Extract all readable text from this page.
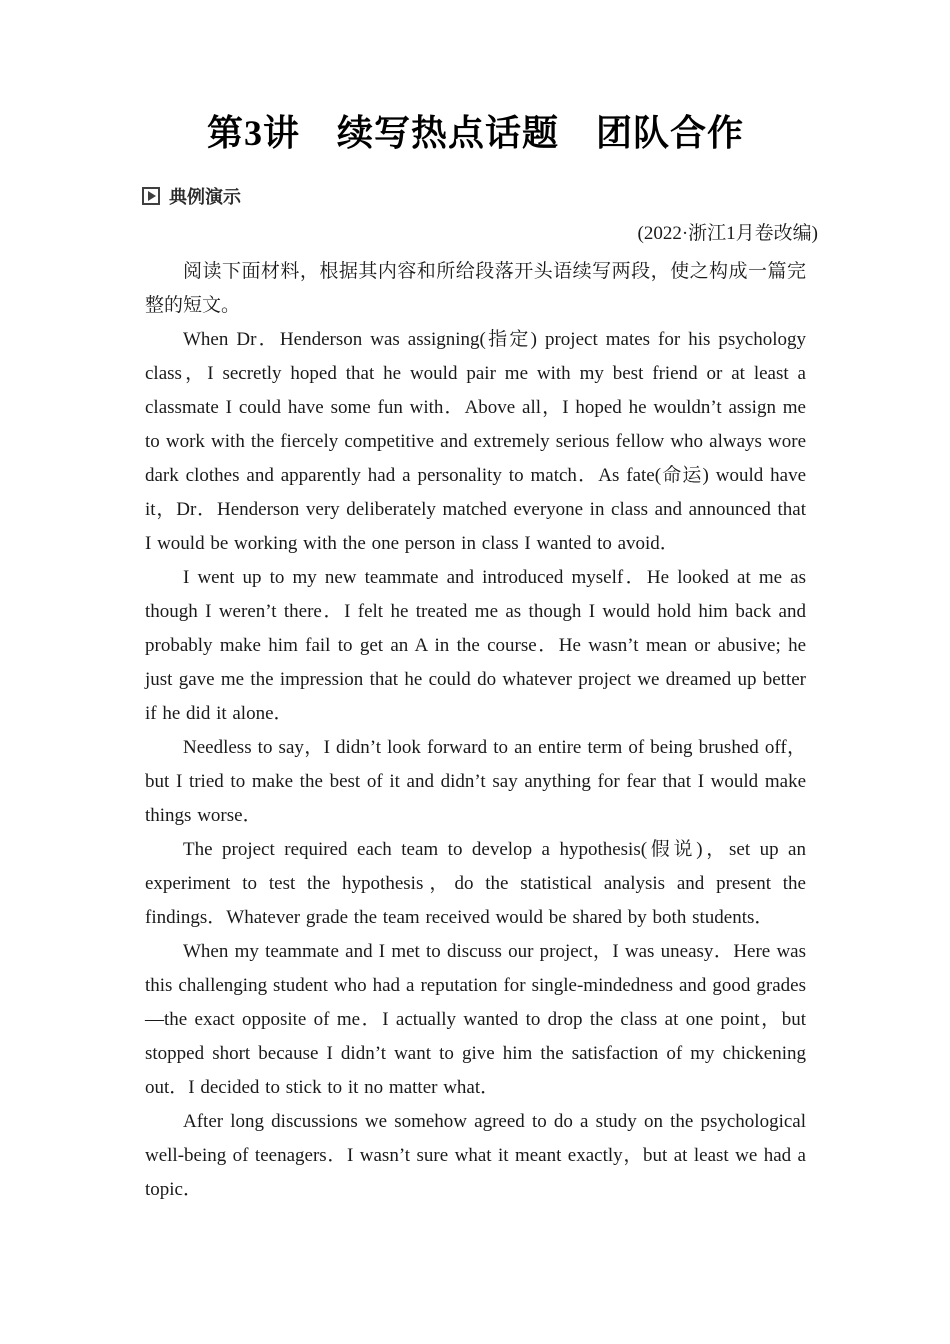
第3讲　续写热点话题　团队合作
典例演示
(2022·浙江1月卷改编)

阅读下面材料，根据其内容和所给段落开头语续写两段，使之构成一篇完整的短文。

When Dr．Henderson was assigning(指定) project mates for his psychology class，I secretly hoped that he would pair me with my best friend or at least a classmate I could have some fun with．Above all，I hoped he wouldn’t assign me to work with the fiercely competitive and extremely serious fellow who always wore dark clothes and apparently had a personality to match．As fate(命运) would have it，Dr．Henderson very deliberately matched everyone in class and announced that I would be working with the one person in class I wanted to avoid．

I went up to my new teammate and introduced myself．He looked at me as though I weren’t there．I felt he treated me as though I would hold him back and probably make him fail to get an A in the course．He wasn’t mean or abusive; he just gave me the impression that he could do whatever project we dreamed up better if he did it alone．

Needless to say，I didn’t look forward to an entire term of being brushed off，but I tried to make the best of it and didn’t say anything for fear that I would make things worse．

The project required each team to develop a hypothesis(假说)，set up an experiment to test the hypothesis，do the statistical analysis and present the findings．Whatever grade the team received would be shared by both students．

When my teammate and I met to discuss our project，I was uneasy．Here was this challenging student who had a reputation for single-mindedness and good grades—the exact opposite of me．I actually wanted to drop the class at one point，but stopped short because I didn’t want to give him the satisfaction of my chickening out．I decided to stick to it no matter what．

After long discussions we somehow agreed to do a study on the psychological well-being of teenagers．I wasn’t sure what it meant exactly，but at least we had a topic．
